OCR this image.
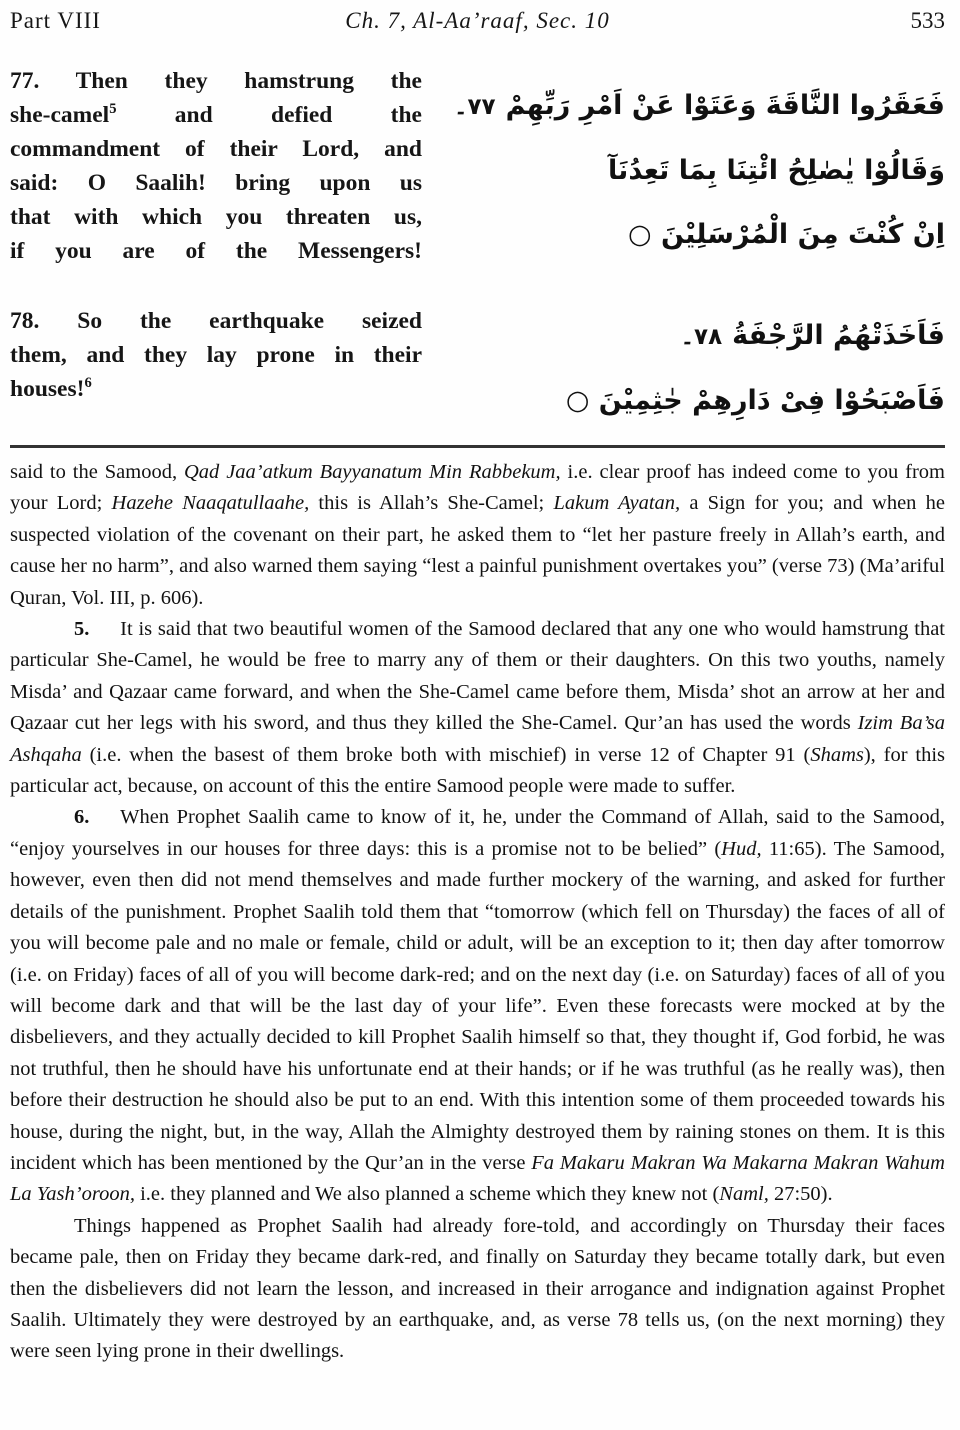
Part VIII	Ch. 7, Al-Aa’raaf, Sec. 10	533
77. Then they hamstrung the
she-camel$^5$ and defied the
commandment of their Lord, and
said: O Saalih! bring upon us
that with which you threaten us,
if you are of the Messengers!
٧٧۔ فَعَقَرُوا النَّاقَةَ وَعَتَوْا عَنْ اَمْرِ رَبِّهِمْ
وَقَالُوْا يٰصٰلِحُ ائْتِنَا بِمَا تَعِدُنَآ
اِنْ كُنْتَ مِنَ الْمُرْسَلِيْنَ ○
78. So the earthquake seized
them, and they lay prone in their
houses!$^6$
٧٨۔ فَاَخَذَتْهُمُ الرَّجْفَةُ
فَاَصْبَحُوْا فِىْ دَارِهِمْ جٰثِمِيْنَ ○

said to the Samood, Qad Jaa’atkum Bayyanatum Min Rabbekum, i.e. clear proof has indeed come to you from your Lord; Hazehe Naaqatullaahe, this is Allah’s She-Camel; Lakum Ayatan, a Sign for you; and when he suspected violation of the covenant on their part, he asked them to “let her pasture freely in Allah’s earth, and cause her no harm”, and also warned them saying “lest a painful punishment overtakes you” (verse 73) (Ma’ariful Quran, Vol. III, p. 606).

5.   It is said that two beautiful women of the Samood declared that any one who would hamstrung that particular She-Camel, he would be free to marry any of them or their daughters. On this two youths, namely Misda’ and Qazaar came forward, and when the She-Camel came before them, Misda’ shot an arrow at her and Qazaar cut her legs with his sword, and thus they killed the She-Camel. Qur’an has used the words Izim Ba’sa Ashqaha (i.e. when the basest of them broke both with mischief) in verse 12 of Chapter 91 (Shams), for this particular act, because, on account of this the entire Samood people were made to suffer.

6.   When Prophet Saalih came to know of it, he, under the Command of Allah, said to the Samood, “enjoy yourselves in our houses for three days: this is a promise not to be belied” (Hud, 11:65). The Samood, however, even then did not mend themselves and made further mockery of the warning, and asked for further details of the punishment. Prophet Saalih told them that “tomorrow (which fell on Thursday) the faces of all of you will become pale and no male or female, child or adult, will be an exception to it; then day after tomorrow (i.e. on Friday) faces of all of you will become dark-red; and on the next day (i.e. on Saturday) faces of all of you will become dark and that will be the last day of your life”. Even these forecasts were mocked at by the disbelievers, and they actually decided to kill Prophet Saalih himself so that, they thought if, God forbid, he was not truthful, then he should have his unfortunate end at their hands; or if he was truthful (as he really was), then before their destruction he should also be put to an end. With this intention some of them proceeded towards his house, during the night, but, in the way, Allah the Almighty destroyed them by raining stones on them. It is this incident which has been mentioned by the Qur’an in the verse Fa Makaru Makran Wa Makarna Makran Wahum La Yash’oroon, i.e. they planned and We also planned a scheme which they knew not (Naml, 27:50).

Things happened as Prophet Saalih had already fore-told, and accordingly on Thursday their faces became pale, then on Friday they became dark-red, and finally on Saturday they became totally dark, but even then the disbelievers did not learn the lesson, and increased in their arrogance and indignation against Prophet Saalih. Ultimately they were destroyed by an earthquake, and, as verse 78 tells us, (on the next morning) they were seen lying prone in their dwellings.
